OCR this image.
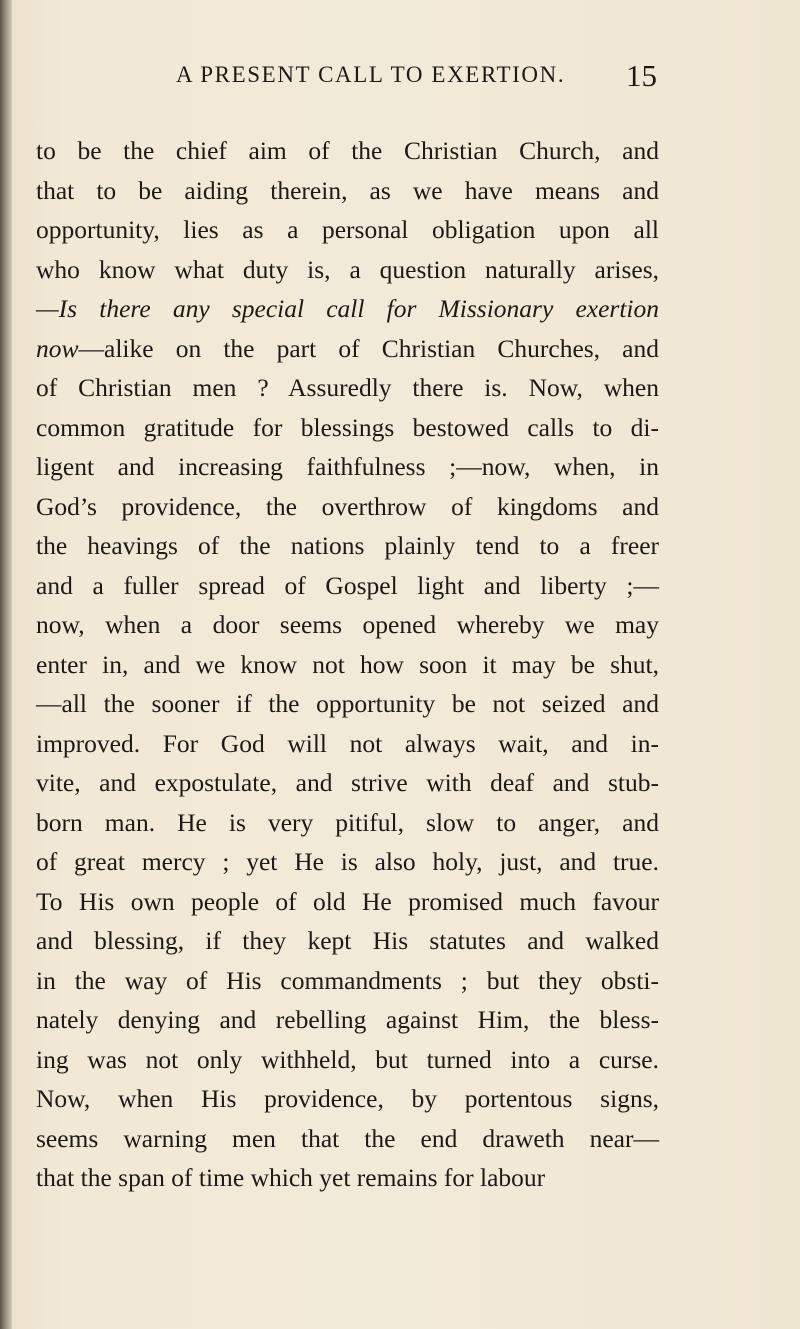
A PRESENT CALL TO EXERTION. 15
to be the chief aim of the Christian Church, and
that to be aiding therein, as we have means and
opportunity, lies as a personal obligation upon all
who know what duty is, a question naturally arises,
—Is there any special call for Missionary exertion
now—alike on the part of Christian Churches, and
of Christian men ? Assuredly there is. Now, when
common gratitude for blessings bestowed calls to di-
ligent and increasing faithfulness ;—now, when, in
God’s providence, the overthrow of kingdoms and
the heavings of the nations plainly tend to a freer
and a fuller spread of Gospel light and liberty ;—
now, when a door seems opened whereby we may
enter in, and we know not how soon it may be shut,
—all the sooner if the opportunity be not seized and
improved. For God will not always wait, and in-
vite, and expostulate, and strive with deaf and stub-
born man. He is very pitiful, slow to anger, and
of great mercy ; yet He is also holy, just, and true.
To His own people of old He promised much favour
and blessing, if they kept His statutes and walked
in the way of His commandments ; but they obsti-
nately denying and rebelling against Him, the bless-
ing was not only withheld, but turned into a curse.
Now, when His providence, by portentous signs,
seems warning men that the end draweth near—
that the span of time which yet remains for labour
